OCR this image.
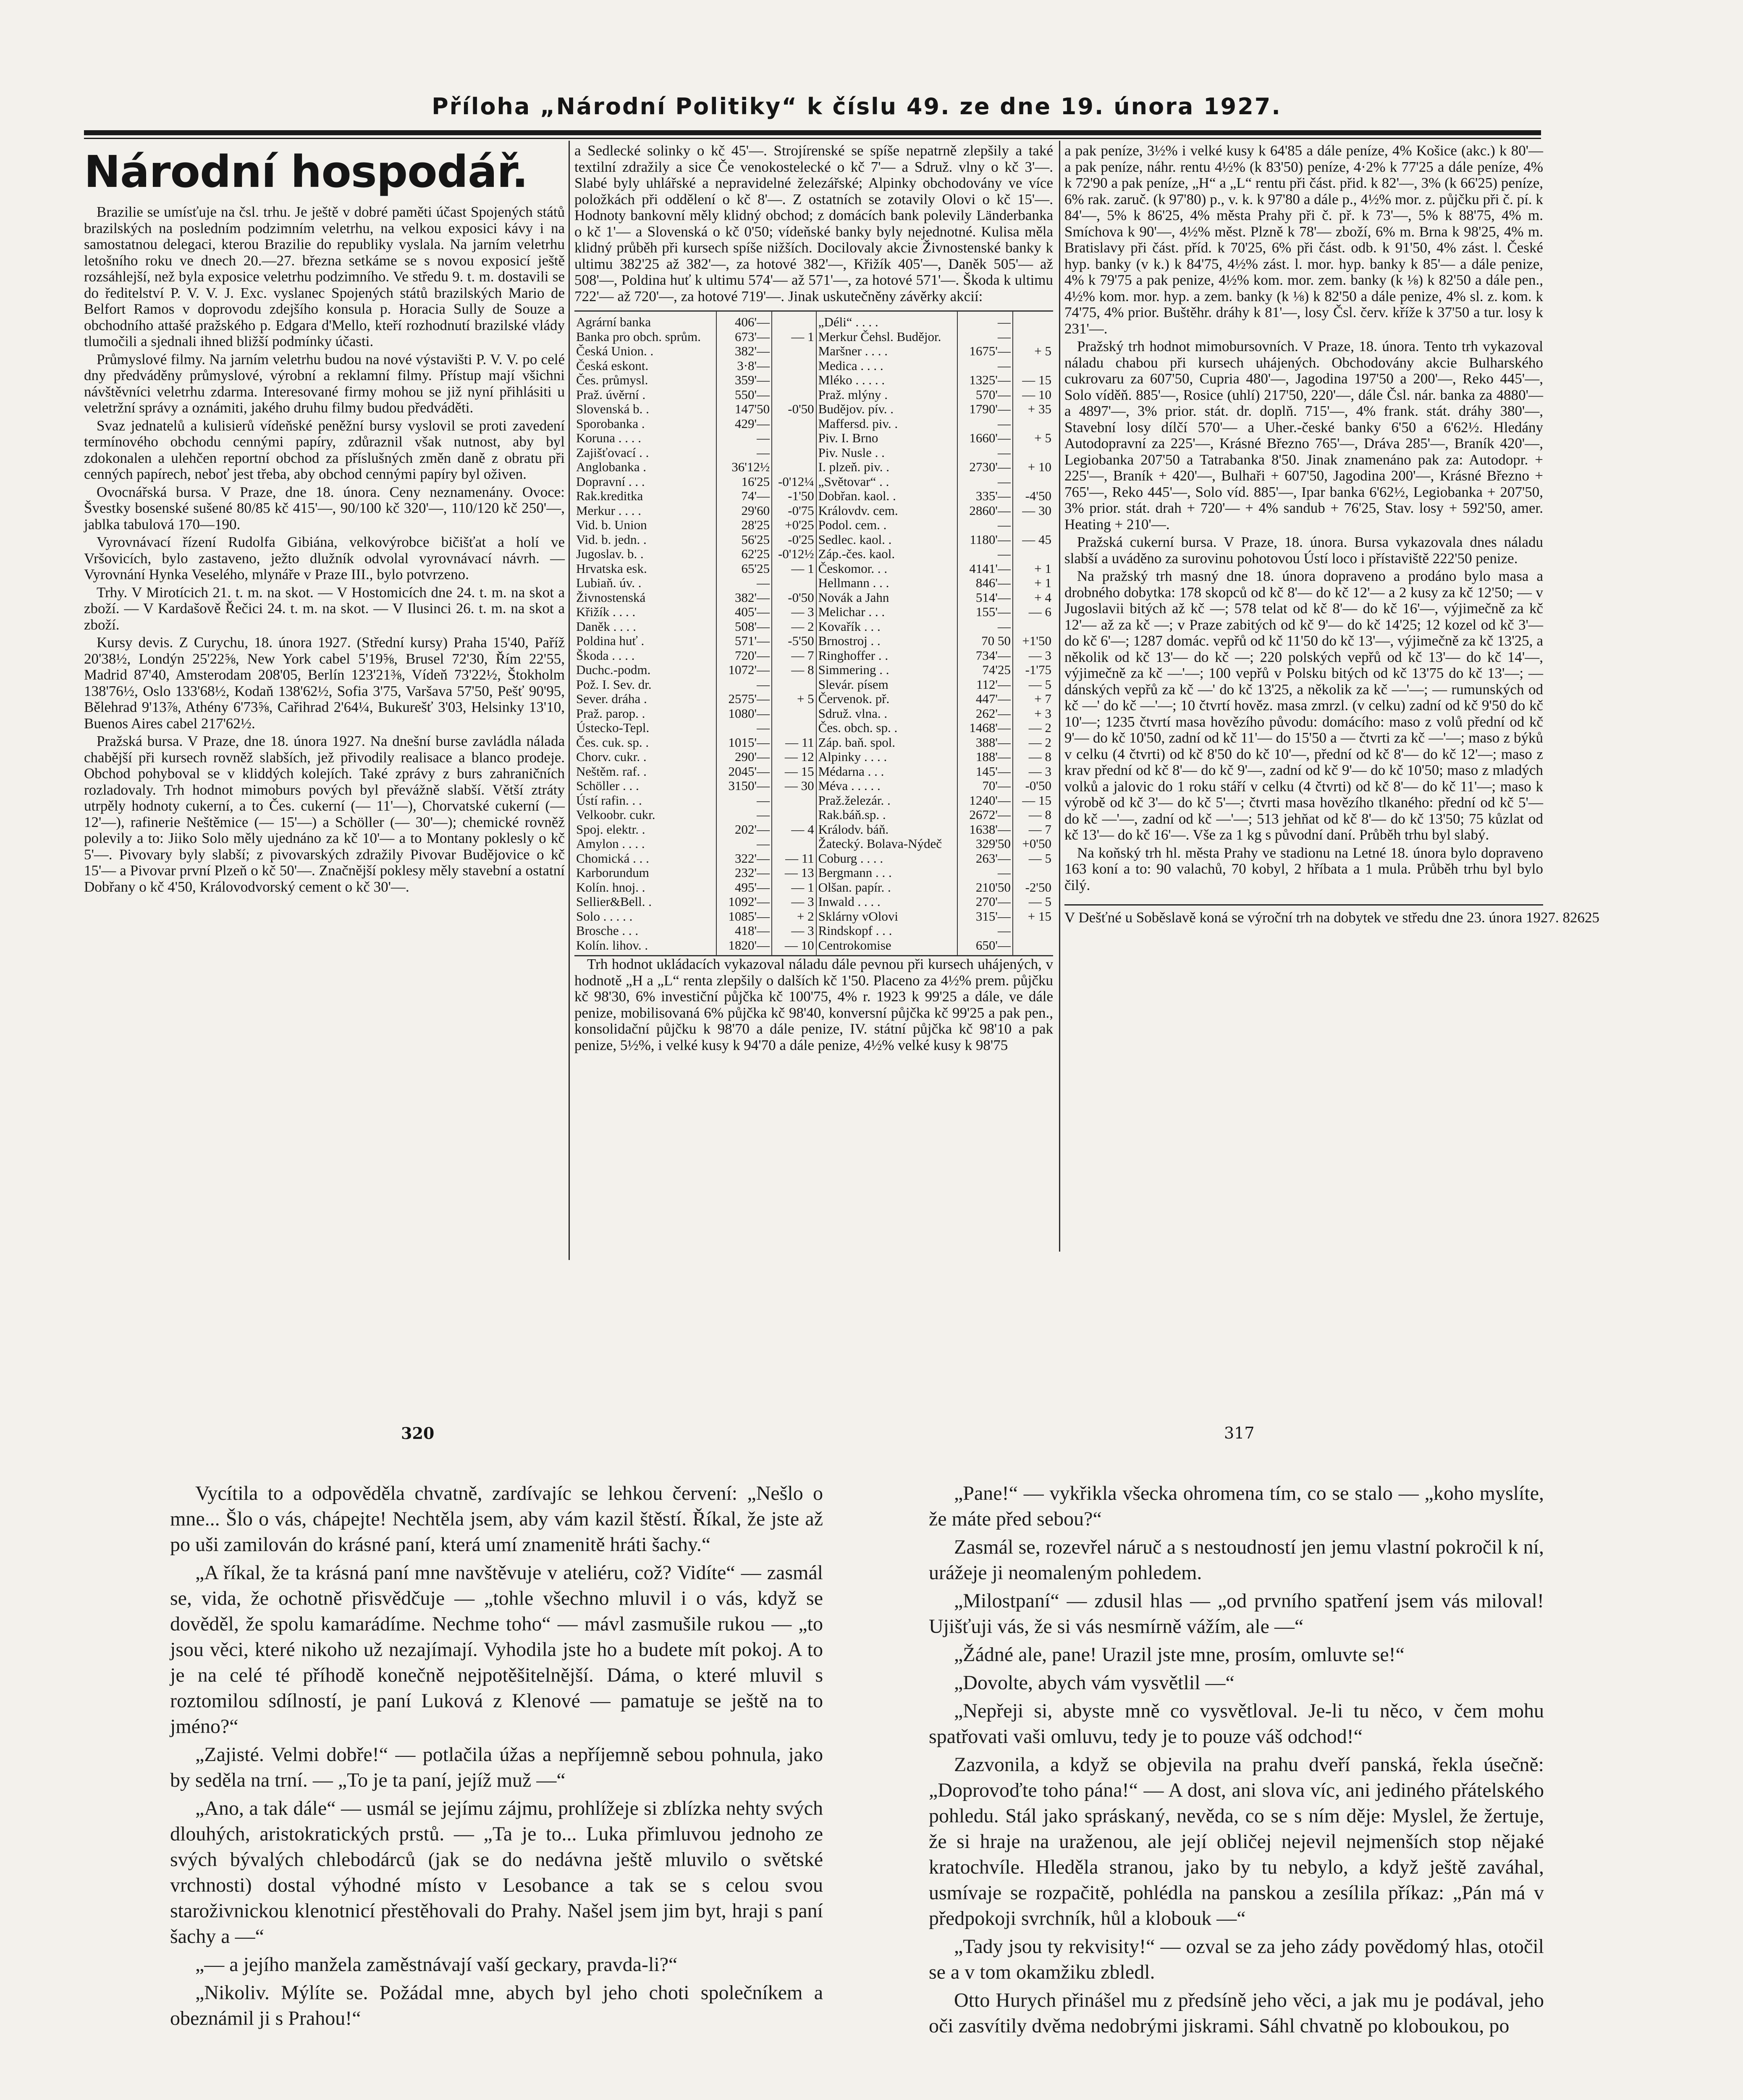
Příloha „Národní Politiky“ k číslu 49. ze dne 19. února 1927.
Národní hospodář.

Brazilie se umísťuje na čsl. trhu. Je ještě v dobré paměti účast Spojených států brazilských na posledním podzimním veletrhu, na velkou exposici kávy i na samostatnou delegaci, kterou Brazilie do republiky vyslala. Na jarním veletrhu letošního roku ve dnech 20.—27. března setkáme se s novou exposicí ještě rozsáhlejší, než byla exposice veletrhu podzimního. Ve středu 9. t. m. dostavili se do ředitelství P. V. V. J. Exc. vyslanec Spojených států brazilských Mario de Belfort Ramos v doprovodu zdejšího konsula p. Horacia Sully de Souze a obchodního attašé pražského p. Edgara d'Mello, kteří rozhodnutí brazilské vlády tlumočili a sjednali ihned bližší podmínky účasti.

Průmyslové filmy. Na jarním veletrhu budou na nové výstavišti P. V. V. po celé dny předváděny průmyslové, výrobní a reklamní filmy. Přístup mají všichni návštěvníci veletrhu zdarma. Interesované firmy mohou se již nyní přihlásiti u veletržní správy a oznámiti, jakého druhu filmy budou předváděti.

Svaz jednatelů a kulisierů vídeňské peněžní bursy vyslovil se proti zavedení termínového obchodu cennými papíry, zdůraznil však nutnost, aby byl zdokonalen a ulehčen reportní obchod za příslušných změn daně z obratu při cenných papírech, neboť jest třeba, aby obchod cennými papíry byl oživen.

Ovocnářská bursa. V Praze, dne 18. února. Ceny neznamenány. Ovoce: Švestky bosenské sušené 80/85 kč 415'—, 90/100 kč 320'—, 110/120 kč 250'—, jablka tabulová 170—190.

Vyrovnávací řízení Rudolfa Gibiána, velkovýrobce bičišťat a holí ve Vršovicích, bylo zastaveno, ježto dlužník odvolal vyrovnávací návrh. — Vyrovnání Hynka Veselého, mlynáře v Praze III., bylo potvrzeno.

Trhy. V Mirotícich 21. t. m. na skot. — V Hostomicích dne 24. t. m. na skot a zboží. — V Kardašově Řečici 24. t. m. na skot. — V Ilusinci 26. t. m. na skot a zboží.

Kursy devis. Z Curychu, 18. února 1927. (Střední kursy) Praha 15'40, Paříž 20'38½, Londýn 25'22⅝, New York cabel 5'19⅝, Brusel 72'30, Řím 22'55, Madrid 87'40, Amsterodam 208'05, Berlín 123'21⅜, Vídeň 73'22½, Štokholm 138'76½, Oslo 133'68½, Kodaň 138'62½, Sofia 3'75, Varšava 57'50, Pešť 90'95, Bělehrad 9'13⅞, Athény 6'73⅝, Cařihrad 2'64¼, Bukurešť 3'03, Helsinky 13'10, Buenos Aires cabel 217'62½.

Pražská bursa. V Praze, dne 18. února 1927. Na dnešní burse zavládla nálada chabější při kursech rovněž slabších, jež přivodily realisace a blanco prodeje. Obchod pohyboval se v kliddých kolejích. Také zprávy z burs zahraničních rozladovaly. Trh hodnot mimoburs pových byl převážně slabší. Větší ztráty utrpěly hodnoty cukerní, a to Čes. cukerní (— 11'—), Chorvatské cukerní (— 12'—), rafinerie Neštěmice (— 15'—) a Schöller (— 30'—); chemické rovněž polevily a to: Jiiko Solo měly ujednáno za kč 10'— a to Montany poklesly o kč 5'—. Pivovary byly slabší; z pivovarských zdražily Pivovar Budějovice o kč 15'— a Pivovar první Plzeň o kč 50'—. Značnější poklesy měly stavební a ostatní Dobřany o kč 4'50, Královodvorský cement o kč 30'—.

a Sedlecké solinky o kč 45'—. Strojírenské se spíše nepatrně zlepšily a také textilní zdražily a sice Če venokostelecké o kč 7'— a Sdruž. vlny o kč 3'—. Slabé byly uhlářské a nepravidelné železářské; Alpinky obchodovány ve více položkách při oddělení o kč 8'—. Z ostatních se zotavily Olovi o kč 15'—. Hodnoty bankovní měly klidný obchod; z domácích bank polevily Länderbanka o kč 1'— a Slovenská o kč 0'50; vídeňské banky byly nejednotné. Kulisa měla klidný průběh při kursech spíše nižších. Docilovaly akcie Živnostenské banky k ultimu 382'25 až 382'—, za hotové 382'—, Křižík 405'—, Daněk 505'— až 508'—, Poldina huť k ultimu 574'— až 571'—, za hotové 571'—. Škoda k ultimu 722'— až 720'—, za hotové 719'—. Jinak uskutečněny závěrky akcií:

Agrární banka	406'—		„Déli“ . . . .	—	
Banka pro obch. sprům.	673'—	— 1	Merkur Čehsl. Budějor.	—	
Česká Union. .	382'—		Maršner . . . .	1675'—	+ 5
Česká eskont.	3·8'—		Medica . . . .	—	
Čes. průmysl.	359'—		Mléko . . . . .	1325'—	— 15
Praž. úvěrní .	550'—		Praž. mlýny .	570'—	— 10
Slovenská b. .	147'50	-0'50	Budějov. pív. .	1790'—	+ 35
Sporobanka .	429'—		Maffersd. piv. .	—	
Koruna . . . .	—		Piv. I. Brno	1660'—	+ 5
Zajišťovací . .	—		Piv. Nusle . .	—	
Anglobanka .	36'12½		I. plzeň. piv. .	2730'—	+ 10
Dopravní . . .	16'25	-0'12¼	„Světovar“ . .	—	
Rak.kreditka	74'—	-1'50	Dobřan. kaol. .	335'—	-4'50
Merkur . . . .	29'60	-0'75	Královdv. cem.	2860'—	— 30
Vid. b. Union	28'25	+0'25	Podol. cem. .	—	
Vid. b. jedn. .	56'25	-0'25	Sedlec. kaol. .	1180'—	— 45
Jugoslav. b. .	62'25	-0'12½	Záp.-čes. kaol.	—	
Hrvatska esk.	65'25	— 1	Českomor. . .	4141'—	+ 1
Lubiaň. úv. .	—		Hellmann . . .	846'—	+ 1
Živnostenská	382'—	-0'50	Novák a Jahn	514'—	+ 4
Křižík . . . .	405'—	— 3	Melichar . . .	155'—	— 6
Daněk . . . .	508'—	— 2	Kovařík . . .	—	
Poldina huť .	571'—	-5'50	Brnostroj . .	70 50	+1'50
Škoda . . . .	720'—	— 7	Ringhoffer . .	734'—	— 3
Duchc.-podm.	1072'—	— 8	Simmering . .	74'25	-1'75
Pož. I. Sev. dr.	—		Slevár. písem	112'—	— 5
Sever. dráha .	2575'—	+ 5	Červenok. př.	447'—	+ 7
Praž. parop. .	1080'—		Sdruž. vlna. .	262'—	+ 3
Ústecko-Tepl.	—		Čes. obch. sp. .	1468'—	— 2
Čes. cuk. sp. .	1015'—	— 11	Záp. baň. spol.	388'—	— 2
Chorv. cukr. .	290'—	— 12	Alpinky . . . .	188'—	— 8
Neštěm. raf. .	2045'—	— 15	Médarna . . .	145'—	— 3
Schöller . . .	3150'—	— 30	Méva . . . . .	70'—	-0'50
Ústí rafin. . .	—		Praž.železár. .	1240'—	— 15
Velkoobr. cukr.	—		Rak.báň.sp. .	2672'—	— 8
Spoj. elektr. .	202'—	— 4	Králodv. báň.	1638'—	— 7
Amylon . . . .	—		Žatecký. Bolava-Nýdeč	329'50	+0'50
Chomická . . .	322'—	— 11	Coburg . . . .	263'—	— 5
Karborundum	232'—	— 13	Bergmann . . .	—	
Kolín. hnoj. .	495'—	— 1	Olšan. papír. .	210'50	-2'50
Sellier&Bell. .	1092'—	— 3	Inwald . . . .	270'—	— 5
Solo . . . . .	1085'—	+ 2	Sklárny vOlovi	315'—	+ 15
Brosche . . .	418'—	— 3	Rindskopf . . .	—	
Kolín. lihov. .	1820'—	— 10	Centrokomise	650'—	

Trh hodnot ukládacích vykazoval náladu dále pevnou při kursech uhájených, v hodnotě „H a „L“ renta zlepšily o dalších kč 1'50. Placeno za 4½% prem. půjčku kč 98'30, 6% investiční půjčka kč 100'75, 4% r. 1923 k 99'25 a dále, ve dále penize, mobilisovaná 6% půjčka kč 98'40, konversní půjčka kč 99'25 a pak pen., konsolidační půjčku k 98'70 a dále penize, IV. státní půjčka kč 98'10 a pak penize, 5½%, i velké kusy k 94'70 a dále penize, 4½% velké kusy k 98'75

a pak peníze, 3½% i velké kusy k 64'85 a dále peníze, 4% Košice (akc.) k 80'— a pak peníze, náhr. rentu 4½% (k 83'50) peníze, 4·2% k 77'25 a dále peníze, 4% k 72'90 a pak peníze, „H“ a „L“ rentu při část. přid. k 82'—, 3% (k 66'25) peníze, 6% rak. zaruč. (k 97'80) p., v. k. k 97'80 a dále p., 4½% mor. z. půjčku při č. pí. k 84'—, 5% k 86'25, 4% města Prahy při č. př. k 73'—, 5% k 88'75, 4% m. Smíchova k 90'—, 4½% měst. Plzně k 78'— zboží, 6% m. Brna k 98'25, 4% m. Bratislavy při část. příd. k 70'25, 6% při část. odb. k 91'50, 4% zást. l. České hyp. banky (v k.) k 84'75, 4½% zást. l. mor. hyp. banky k 85'— a dále penize, 4% k 79'75 a pak penize, 4½% kom. mor. zem. banky (k ⅛) k 82'50 a dále pen., 4½% kom. mor. hyp. a zem. banky (k ⅛) k 82'50 a dále penize, 4% sl. z. kom. k 74'75, 4% prior. Buštěhr. dráhy k 81'—, losy Čsl. červ. kříže k 37'50 a tur. losy k 231'—.

Pražský trh hodnot mimobursovních. V Praze, 18. února. Tento trh vykazoval náladu chabou při kursech uhájených. Obchodovány akcie Bulharského cukrovaru za 607'50, Cupria 480'—, Jagodina 197'50 a 200'—, Reko 445'—, Solo víděň. 885'—, Rosice (uhlí) 217'50, 220'—, dále Čsl. nár. banka za 4880'— a 4897'—, 3% prior. stát. dr. doplň. 715'—, 4% frank. stát. dráhy 380'—, Stavební losy dílčí 570'— a Uher.-české banky 6'50 a 6'62½. Hledány Autodopravní za 225'—, Krásné Březno 765'—, Dráva 285'—, Braník 420'—, Legiobanka 207'50 a Tatrabanka 8'50. Jinak znamenáno pak za: Autodopr. + 225'—, Braník + 420'—, Bulhaři + 607'50, Jagodina 200'—, Krásné Březno + 765'—, Reko 445'—, Solo víd. 885'—, Ipar banka 6'62½, Legiobanka + 207'50, 3% prior. stát. drah + 720'— + 4% sandub + 76'25, Stav. losy + 592'50, amer. Heating + 210'—.

Pražská cukerní bursa. V Praze, 18. února. Bursa vykazovala dnes náladu slabší a uváděno za surovinu pohotovou Ústí loco i přístaviště 222'50 penize.

Na pražský trh masný dne 18. února dopraveno a prodáno bylo masa a drobného dobytka: 178 skopců od kč 8'— do kč 12'— a 2 kusy za kč 12'50; — v Jugoslavii bitých až kč —; 578 telat od kč 8'— do kč 16'—, výjimečně za kč 12'— až za kč —; v Praze zabitých od kč 9'— do kč 14'25; 12 kozel od kč 3'— do kč 6'—; 1287 domác. vepřů od kč 11'50 do kč 13'—, výjimečně za kč 13'25, a několik od kč 13'— do kč —; 220 polských vepřů od kč 13'— do kč 14'—, výjimečně za kč —'—; 100 vepřů v Polsku bitých od kč 13'75 do kč 13'—; — dánských vepřů za kč —' do kč 13'25, a několik za kč —'—; — rumunských od kč —' do kč —'—; 10 čtvrtí hověz. masa zmrzl. (v celku) zadní od kč 9'50 do kč 10'—; 1235 čtvrtí masa hovězího původu: domácího: maso z volů přední od kč 9'— do kč 10'50, zadní od kč 11'— do 15'50 a — čtvrti za kč —'—; maso z býků v celku (4 čtvrti) od kč 8'50 do kč 10'—, přední od kč 8'— do kč 12'—; maso z krav přední od kč 8'— do kč 9'—, zadní od kč 9'— do kč 10'50; maso z mladých volků a jalovic do 1 roku stáří v celku (4 čtvrti) od kč 8'— do kč 11'—; maso k výrobě od kč 3'— do kč 5'—; čtvrti masa hovězího tlkaného: přední od kč 5'— do kč —'—, zadní od kč —'—; 513 jehňat od kč 8'— do kč 13'50; 75 kůzlat od kč 13'— do kč 16'—. Vše za 1 kg s původní daní. Průběh trhu byl slabý.

Na koňský trh hl. města Prahy ve stadionu na Letné 18. února bylo dopraveno 163 koní a to: 90 valachů, 70 kobyl, 2 hříbata a 1 mula. Průběh trhu byl bylo čilý.

V Dešťné u Soběslavě koná se výroční trh na dobytek ve středu dne 23. února 1927. 82625
320	317

Vycítila to a odpověděla chvatně, zardívajíc se lehkou červení: „Nešlo o mne... Šlo o vás, chápejte! Nechtěla jsem, aby vám kazil štěstí. Říkal, že jste až po uši zamilován do krásné paní, která umí znamenitě hráti šachy.“

„A říkal, že ta krásná paní mne navštěvuje v ateliéru, což? Vidíte“ — zasmál se, vida, že ochotně přisvědčuje — „tohle všechno mluvil i o vás, když se dověděl, že spolu kamarádíme. Nechme toho“ — mávl zasmušile rukou — „to jsou věci, které nikoho už nezajímají. Vyhodila jste ho a budete mít pokoj. A to je na celé té příhodě konečně nejpotěšitelnější. Dáma, o které mluvil s roztomilou sdílností, je paní Luková z Klenové — pamatuje se ještě na to jméno?“

„Zajisté. Velmi dobře!“ — potlačila úžas a nepříjemně sebou pohnula, jako by seděla na trní. — „To je ta paní, jejíž muž —“

„Ano, a tak dále“ — usmál se jejímu zájmu, prohlížeje si zblízka nehty svých dlouhých, aristokratických prstů. — „Ta je to... Luka přimluvou jednoho ze svých bývalých chlebodárců (jak se do nedávna ještě mluvilo o světské vrchnosti) dostal výhodné místo v Lesobance a tak se s celou svou staroživnickou klenotnicí přestěhovali do Prahy. Našel jsem jim byt, hraji s paní šachy a —“

„— a jejího manžela zaměstnávají vaší geckary, pravda-li?“

„Nikoliv. Mýlíte se. Požádal mne, abych byl jeho choti společníkem a obeznámil ji s Prahou!“

„Pane!“ — vykřikla všecka ohromena tím, co se stalo — „koho myslíte, že máte před sebou?“

Zasmál se, rozevřel náruč a s nestoudností jen jemu vlastní pokročil k ní, urážeje ji neomaleným pohledem.

„Milostpaní“ — zdusil hlas — „od prvního spatření jsem vás miloval! Ujišťuji vás, že si vás nesmírně vážím, ale —“

„Žádné ale, pane! Urazil jste mne, prosím, omluvte se!“

„Dovolte, abych vám vysvětlil —“

„Nepřeji si, abyste mně co vysvětloval. Je-li tu něco, v čem mohu spatřovati vaši omluvu, tedy je to pouze váš odchod!“

Zazvonila, a když se objevila na prahu dveří panská, řekla úsečně: „Doprovoďte toho pána!“ — A dost, ani slova víc, ani jediného přátelského pohledu. Stál jako spráskaný, nevěda, co se s ním děje: Myslel, že žertuje, že si hraje na uraženou, ale její obličej nejevil nejmenších stop nějaké kratochvíle. Hleděla stranou, jako by tu nebylo, a když ještě zaváhal, usmívaje se rozpačitě, pohlédla na panskou a zesílila příkaz: „Pán má v předpokoji svrchník, hůl a klobouk —“

„Tady jsou ty rekvisity!“ — ozval se za jeho zády povědomý hlas, otočil se a v tom okamžiku zbledl.

Otto Hurych přinášel mu z předsíně jeho věci, a jak mu je podával, jeho oči zasvítily dvěma nedobrými jiskrami. Sáhl chvatně po kloboukou, po
